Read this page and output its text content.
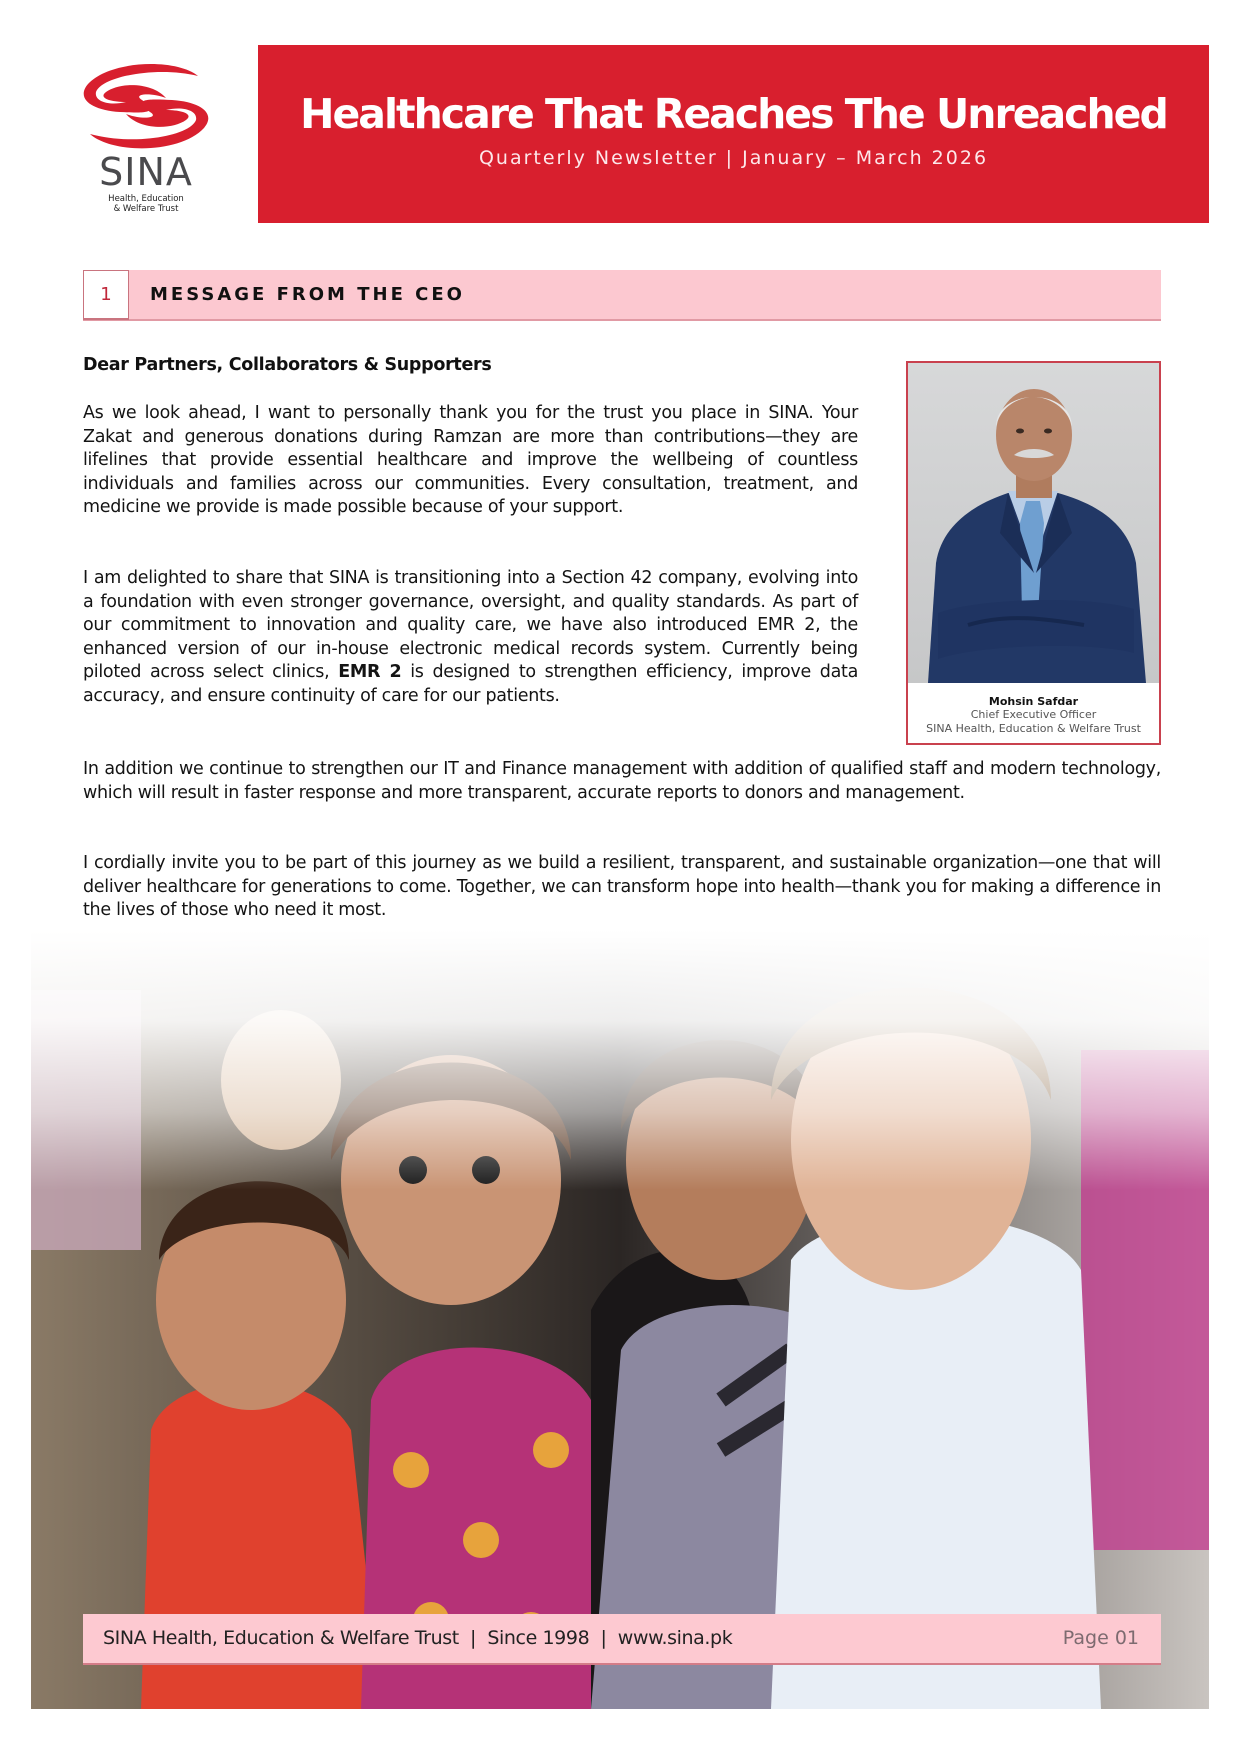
SINA
Health, Education
& Welfare Trust
Healthcare That Reaches The Unreached
Quarterly Newsletter | January – March 2026
1	MESSAGE FROM THE CEO
Dear Partners, Collaborators & Supporters
As we look ahead, I want to personally thank you for the trust you place in SINA. Your Zakat and generous donations during Ramzan are more than contributions—they are lifelines that provide essential healthcare and improve the wellbeing of countless individuals and families across our communities. Every consultation, treatment, and medicine we provide is made possible because of your support.
I am delighted to share that SINA is transitioning into a Section 42 company, evolving into a foundation with even stronger governance, oversight, and quality standards. As part of our commitment to innovation and quality care, we have also introduced EMR 2, the enhanced version of our in-house electronic medical records system. Currently being piloted across select clinics, EMR 2 is designed to strengthen efficiency, improve data accuracy, and ensure continuity of care for our patients.
In addition we continue to strengthen our IT and Finance management with addition of qualified staff and modern technology, which will result in faster response and more transparent, accurate reports to donors and management.
I cordially invite you to be part of this journey as we build a resilient, transparent, and sustainable organization—one that will deliver healthcare for generations to come. Together, we can transform hope into health—thank you for making a difference in the lives of those who need it most.
Mohsin Safdar
Chief Executive Officer
SINA Health, Education & Welfare Trust
SINA Health, Education & Welfare Trust  |  Since 1998  |  www.sina.pk	Page 01
